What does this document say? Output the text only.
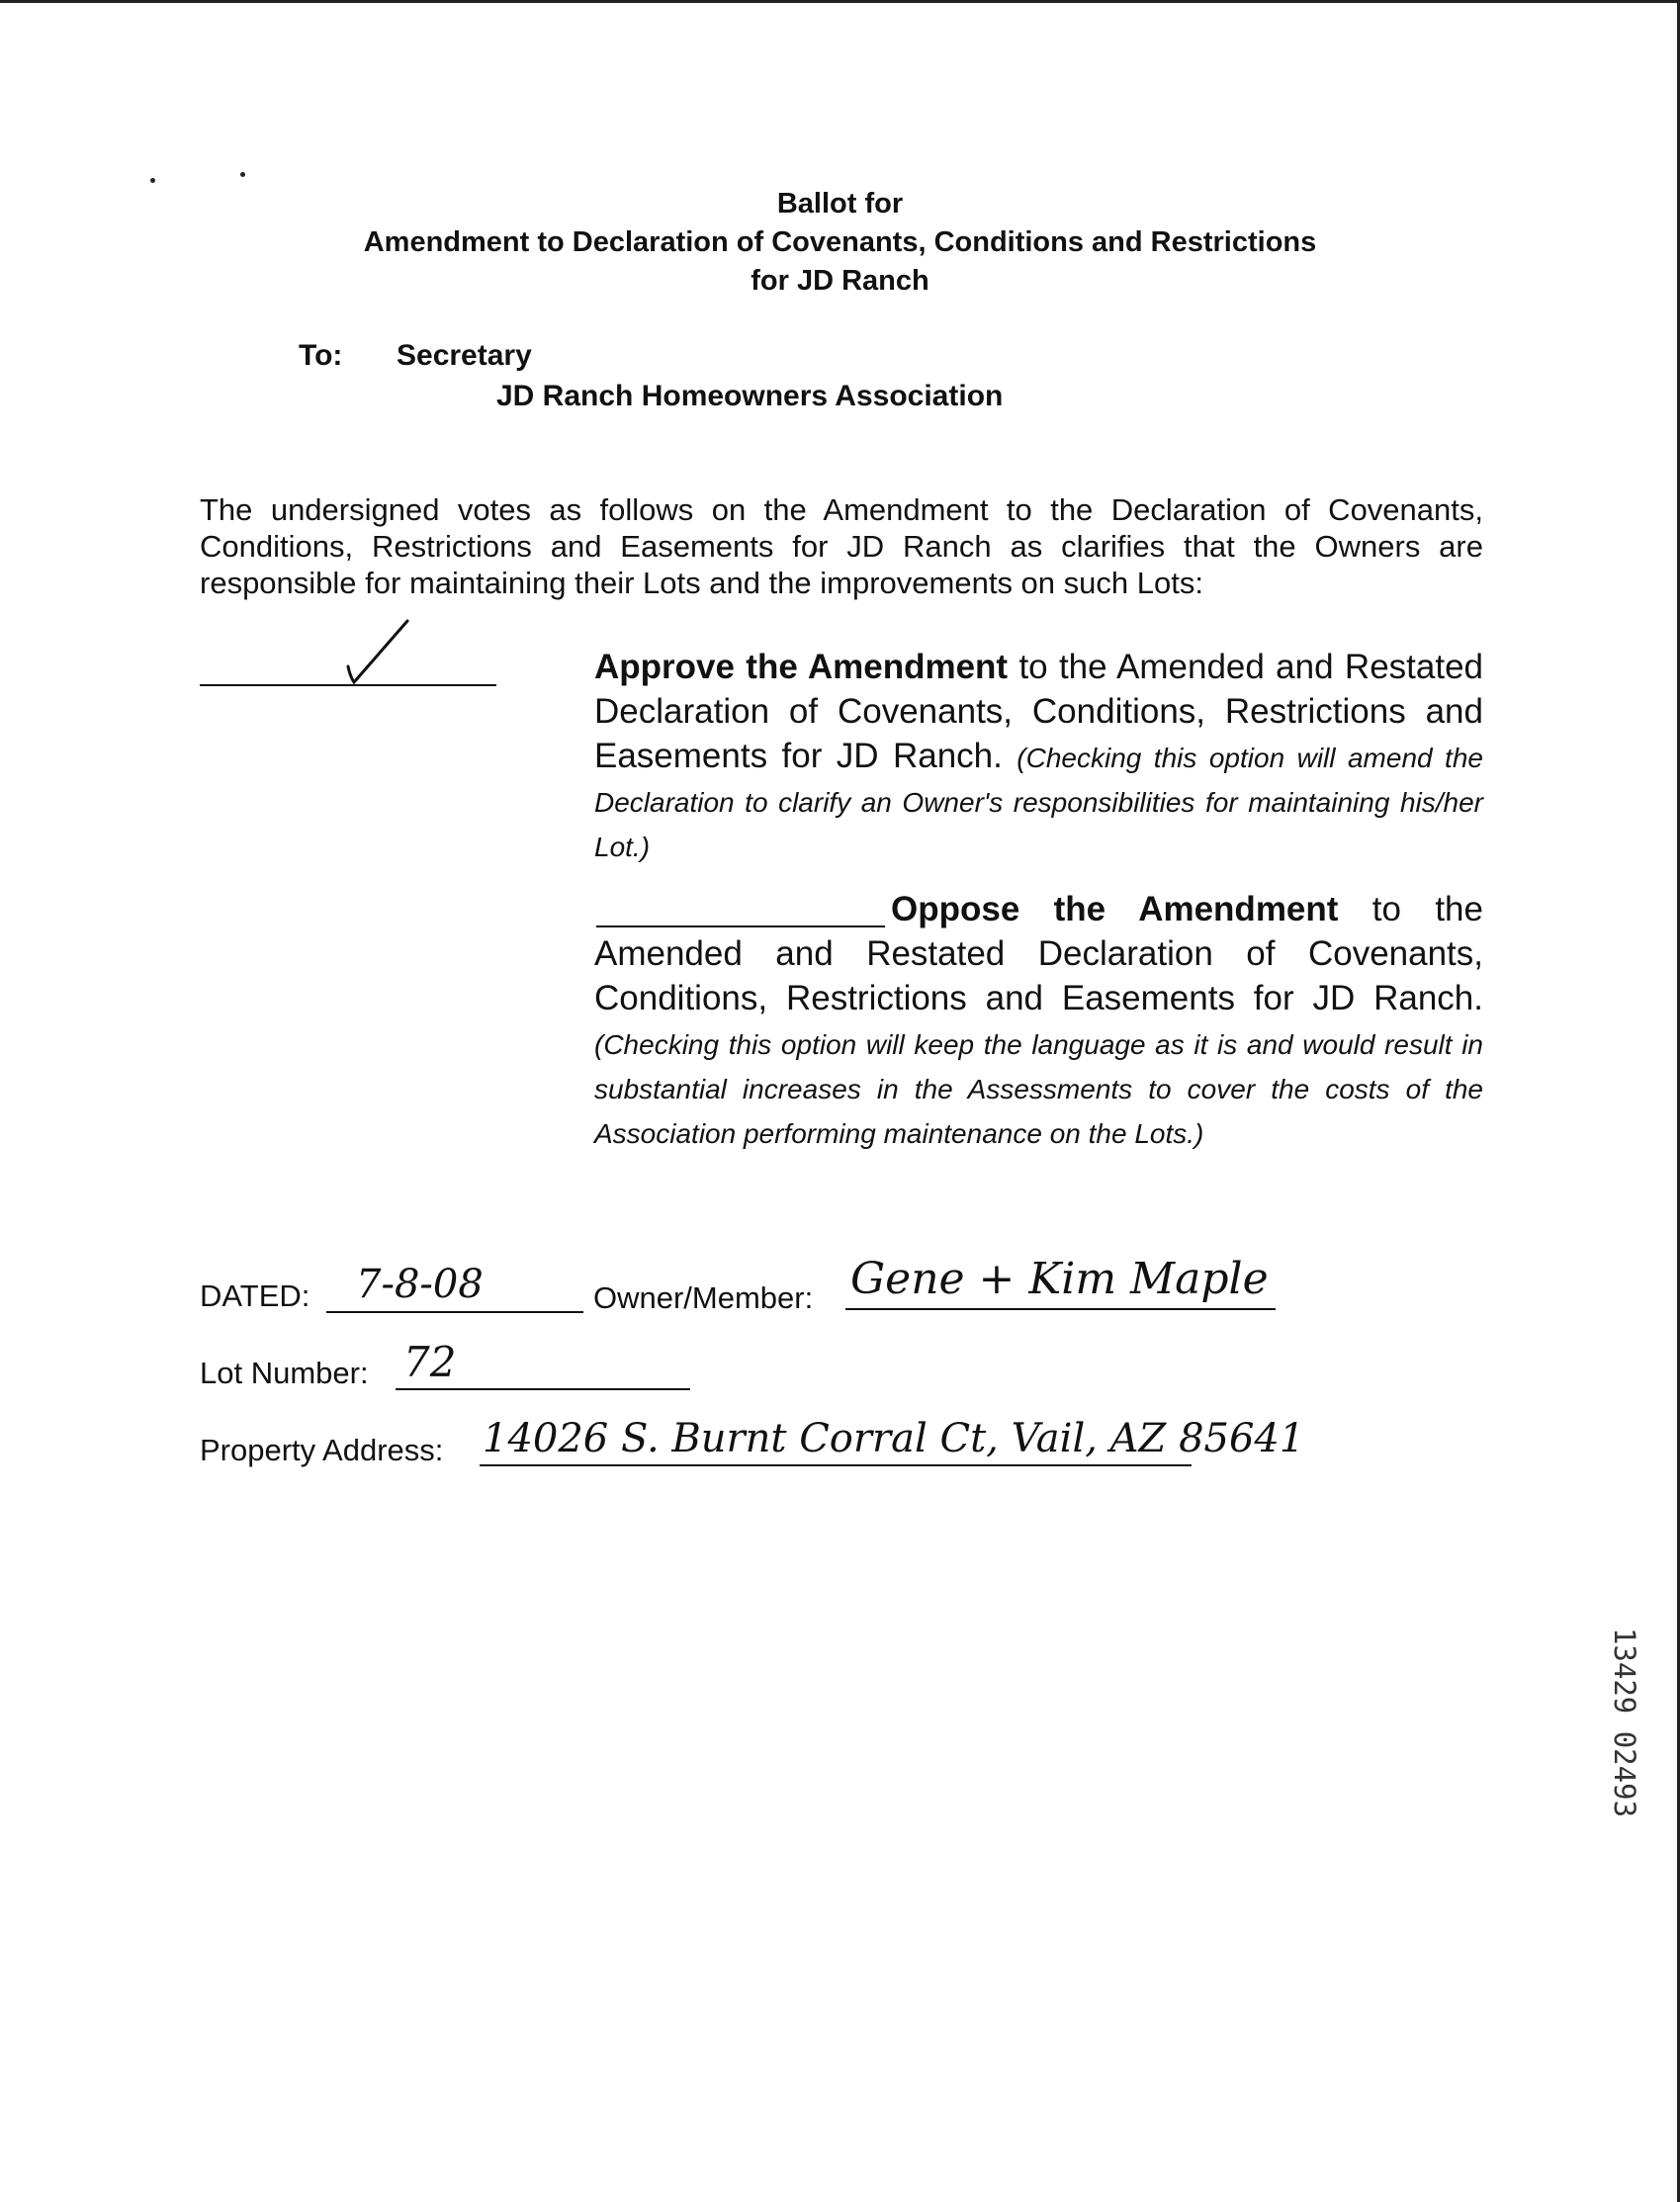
Ballot for
Amendment to Declaration of Covenants, Conditions and Restrictions
for JD Ranch
To: Secretary
JD Ranch Homeowners Association
The undersigned votes as follows on the Amendment to the Declaration of Covenants, Conditions, Restrictions and Easements for JD Ranch as clarifies that the Owners are responsible for maintaining their Lots and the improvements on such Lots:
Approve the Amendment to the Amended and Restated Declaration of Covenants, Conditions, Restrictions and Easements for JD Ranch. (Checking this option will amend the Declaration to clarify an Owner's responsibilities for maintaining his/her Lot.)
Oppose the Amendment to the Amended and Restated Declaration of Covenants, Conditions, Restrictions and Easements for JD Ranch. (Checking this option will keep the language as it is and would result in substantial increases in the Assessments to cover the costs of the Association performing maintenance on the Lots.)
DATED: 7-8-08	Owner/Member: Gene + Kim Maple
Lot Number: 72
Property Address: 14026 S. Burnt Corral Ct, Vail, AZ 85641
13429 02493
